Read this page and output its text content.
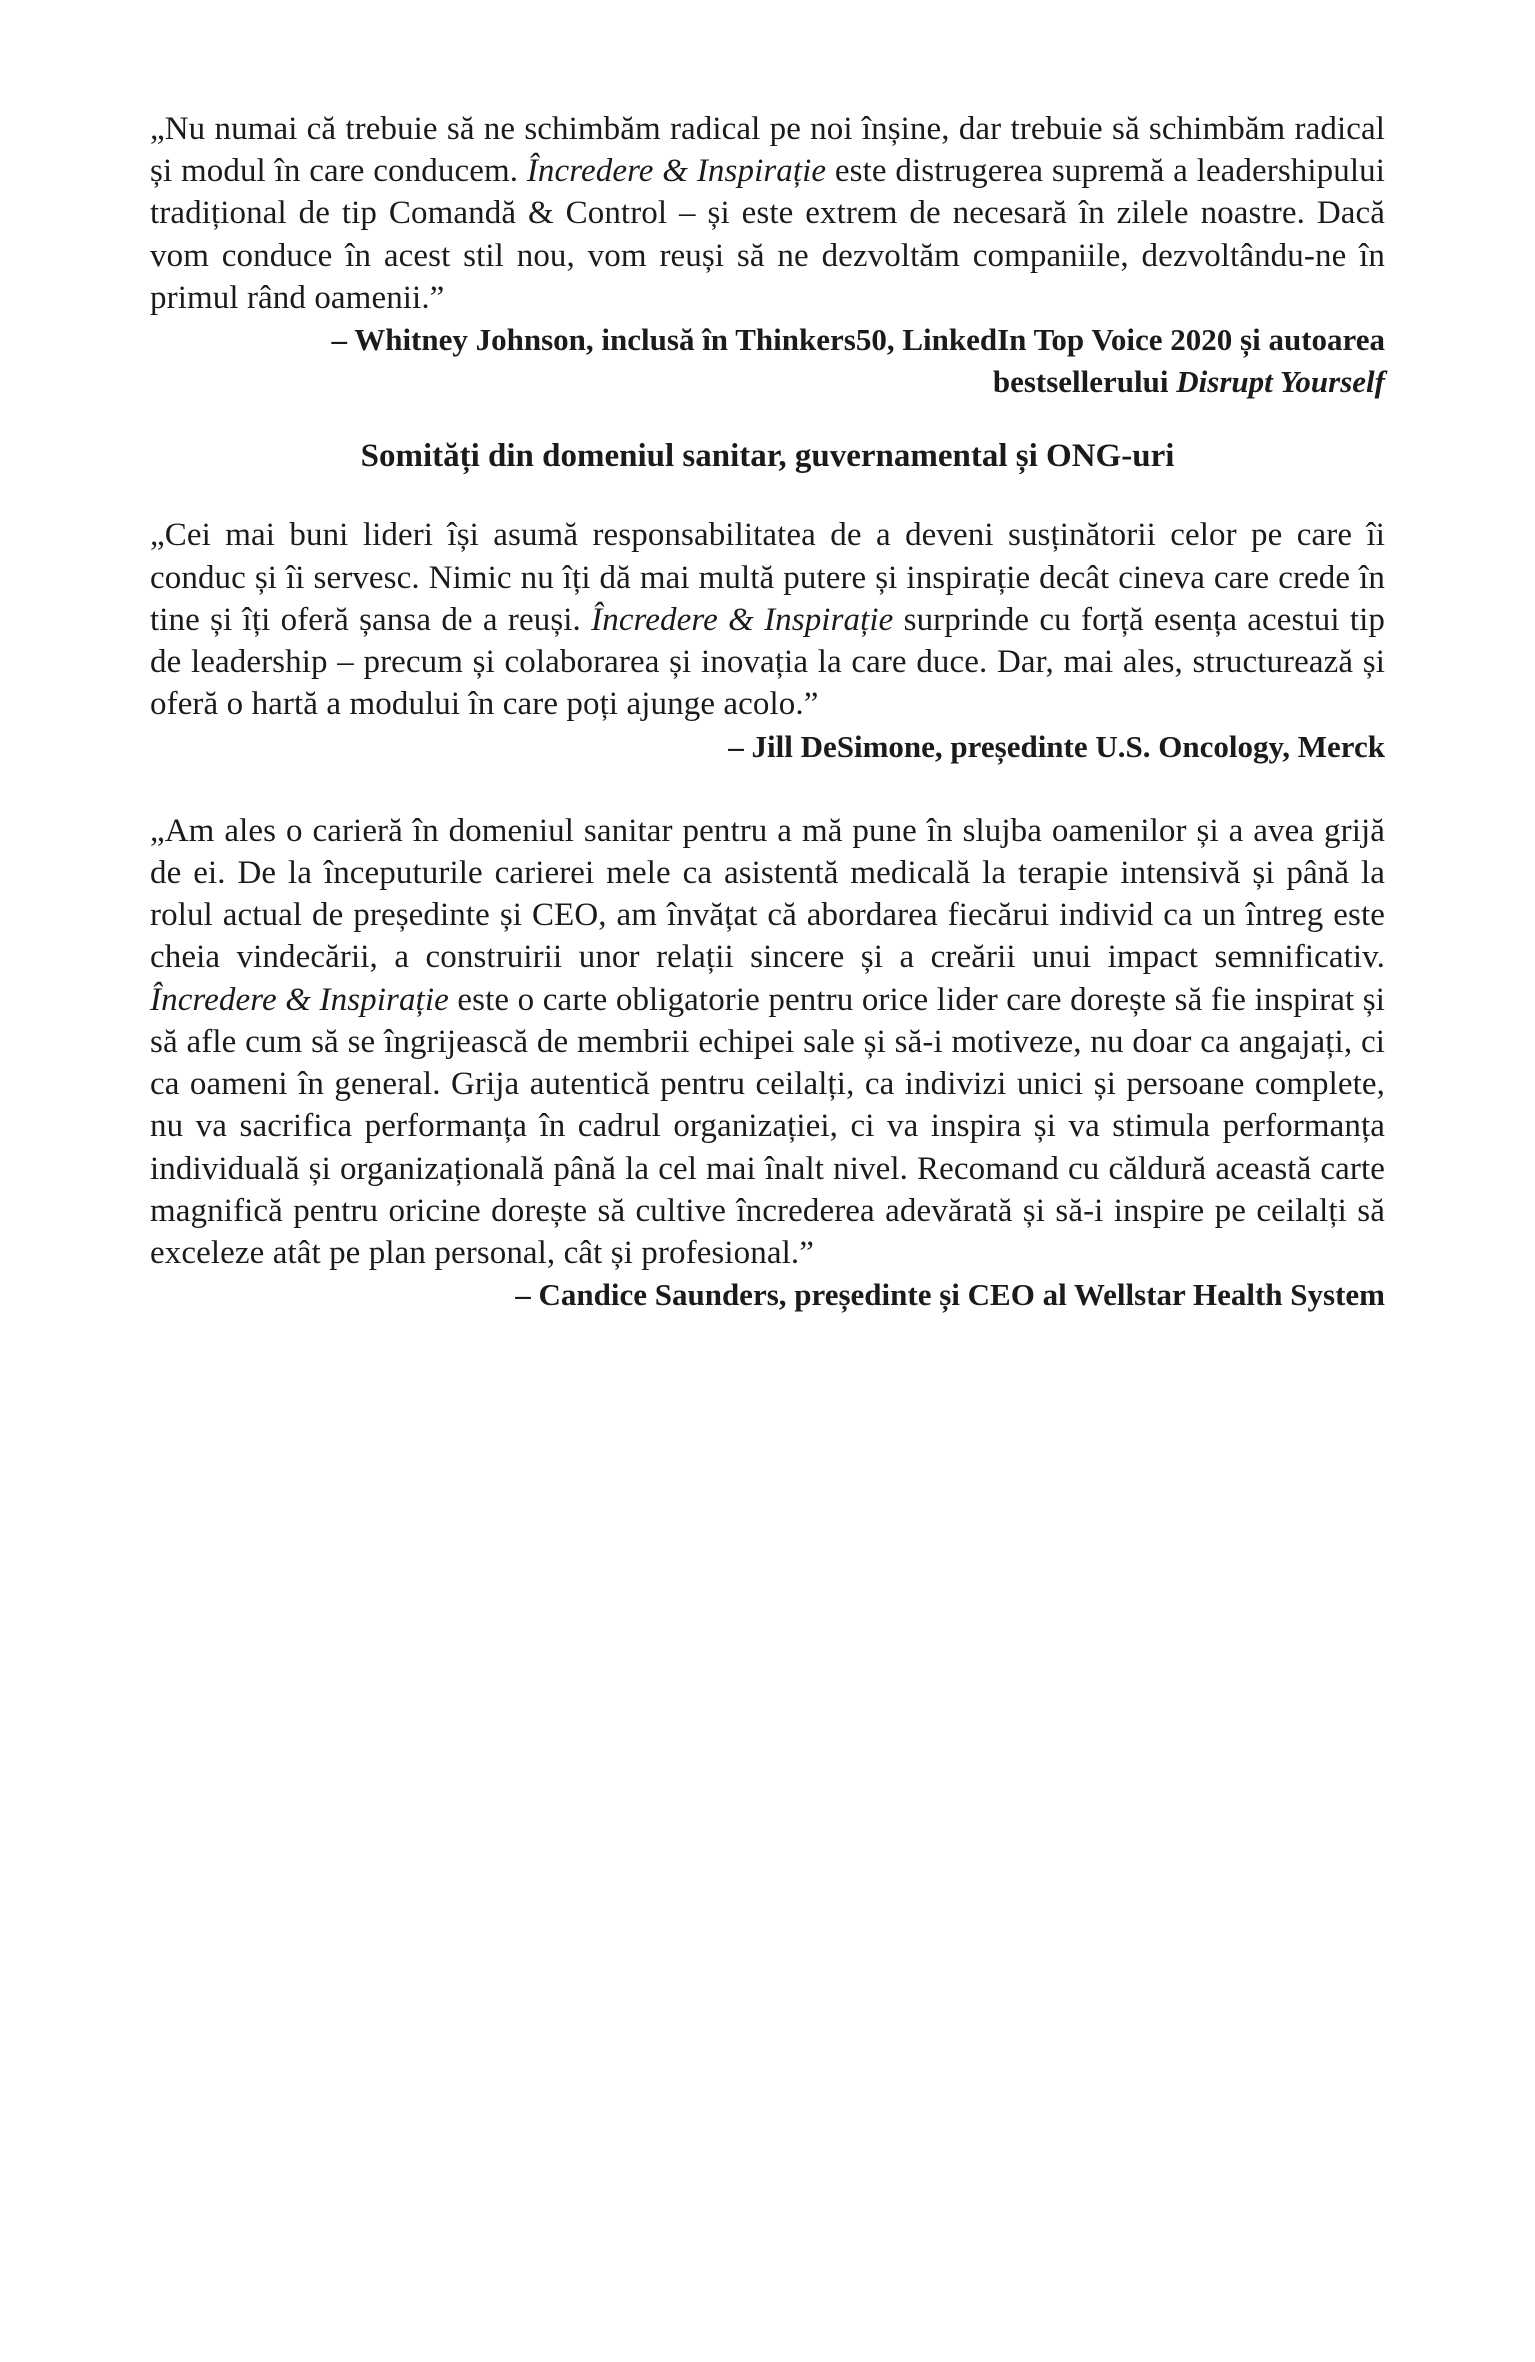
„Nu numai că trebuie să ne schimbăm radical pe noi înșine, dar trebuie să schimbăm radical și modul în care conducem. Încredere & Inspirație este distrugerea supremă a leadershipului tradițional de tip Comandă & Control – și este extrem de necesară în zilele noastre. Dacă vom conduce în acest stil nou, vom reuși să ne dezvoltăm companiile, dezvoltându-ne în primul rând oamenii.”

– Whitney Johnson, inclusă în Thinkers50, LinkedIn Top Voice 2020 și autoarea bestsellerului Disrupt Yourself

Somități din domeniul sanitar, guvernamental și ONG-uri

„Cei mai buni lideri își asumă responsabilitatea de a deveni susținătorii celor pe care îi conduc și îi servesc. Nimic nu îți dă mai multă putere și inspirație decât cineva care crede în tine și îți oferă șansa de a reuși. Încredere & Inspirație surprinde cu forță esența acestui tip de leadership – precum și colaborarea și inovația la care duce. Dar, mai ales, structurează și oferă o hartă a modului în care poți ajunge acolo.”

– Jill DeSimone, președinte U.S. Oncology, Merck

„Am ales o carieră în domeniul sanitar pentru a mă pune în slujba oamenilor și a avea grijă de ei. De la începuturile carierei mele ca asistentă medicală la terapie intensivă și până la rolul actual de președinte și CEO, am învățat că abordarea fiecărui individ ca un întreg este cheia vindecării, a construirii unor relații sincere și a creării unui impact semnificativ. Încredere & Inspirație este o carte obligatorie pentru orice lider care dorește să fie inspirat și să afle cum să se îngrijească de membrii echipei sale și să-i motiveze, nu doar ca angajați, ci ca oameni în general. Grija autentică pentru ceilalți, ca indivizi unici și persoane complete, nu va sacrifica performanța în cadrul organizației, ci va inspira și va stimula performanța individuală și organizațională până la cel mai înalt nivel. Recomand cu căldură această carte magnifică pentru oricine dorește să cultive încrederea adevărată și să-i inspire pe ceilalți să exceleze atât pe plan personal, cât și profesional.”

– Candice Saunders, președinte și CEO al Wellstar Health System
